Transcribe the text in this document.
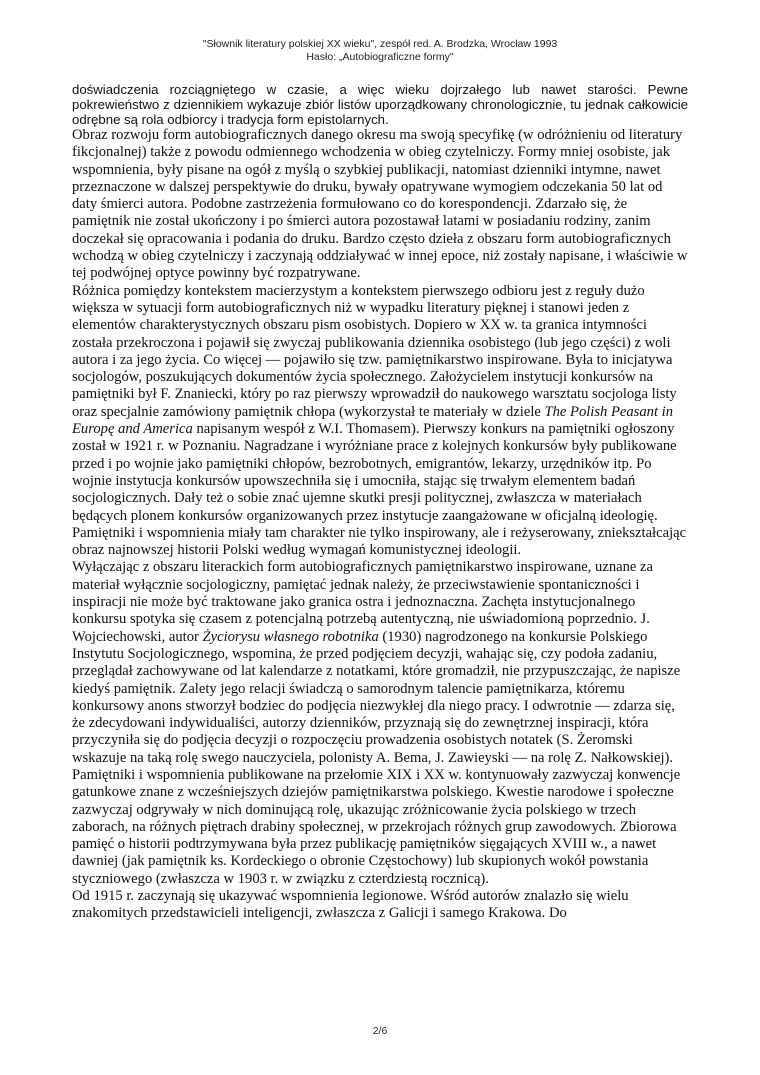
"Słownik literatury polskiej XX wieku", zespół red. A. Brodzka, Wrocław 1993
Hasło: „Autobiograficzne formy"

doświadczenia rozciągniętego w czasie, a więc wieku dojrzałego lub nawet starości. Pewne pokrewieństwo z dziennikiem wykazuje zbiór listów uporządkowany chronologicznie, tu jednak całkowicie odrębne są rola odbiorcy i tradycja form epistolarnych.

Obraz rozwoju form autobiograficznych danego okresu ma swoją specyfikę (w odróżnieniu od literatury fikcjonalnej) także z powodu odmiennego wchodzenia w obieg czytelniczy. Formy mniej osobiste, jak wspomnienia, były pisane na ogół z myślą o szybkiej publikacji, natomiast dzienniki intymne, nawet przeznaczone w dalszej perspektywie do druku, bywały opatrywane wymogiem odczekania 50 lat od daty śmierci autora. Podobne zastrzeżenia formułowano co do korespondencji. Zdarzało się, że pamiętnik nie został ukończony i po śmierci autora pozostawał latami w posiadaniu rodziny, zanim doczekał się opracowania i podania do druku. Bardzo często dzieła z obszaru form autobiograficznych wchodzą w obieg czytelniczy i zaczynają oddziaływać w innej epoce, niż zostały napisane, i właściwie w tej podwójnej optyce powinny być rozpatrywane.

Różnica pomiędzy kontekstem macierzystym a kontekstem pierwszego odbioru jest z reguły dużo większa w sytuacji form autobiograficznych niż w wypadku literatury pięknej i stanowi jeden z elementów charakterystycznych obszaru pism osobistych. Dopiero w XX w. ta granica intymności została przekroczona i pojawił się zwyczaj publikowania dziennika osobistego (lub jego części) z woli autora i za jego życia. Co więcej — pojawiło się tzw. pamiętnikarstwo inspirowane. Była to inicjatywa socjologów, poszukujących dokumentów życia społecznego. Założycielem instytucji konkursów na pamiętniki był F. Znaniecki, który po raz pierwszy wprowadził do naukowego warsztatu socjologa listy oraz specjalnie zamówiony pamiętnik chłopa (wykorzystał te materiały w dziele The Polish Peasant in Europę and America napisanym wespół z W.I. Thomasem). Pierwszy konkurs na pamiętniki ogłoszony został w 1921 r. w Poznaniu. Nagradzane i wyróżniane prace z kolejnych konkursów były publikowane przed i po wojnie jako pamiętniki chłopów, bezrobotnych, emigrantów, lekarzy, urzędników itp. Po wojnie instytucja konkursów upowszechniła się i umocniła, stając się trwałym elementem badań socjologicznych. Dały też o sobie znać ujemne skutki presji politycznej, zwłaszcza w materiałach będących plonem konkursów organizowanych przez instytucje zaangażowane w oficjalną ideologię. Pamiętniki i wspomnienia miały tam charakter nie tylko inspirowany, ale i reżyserowany, zniekształcając obraz najnowszej historii Polski według wymagań komunistycznej ideologii.

Wyłączając z obszaru literackich form autobiograficznych pamiętnikarstwo inspirowane, uznane za materiał wyłącznie socjologiczny, pamiętać jednak należy, że przeciwstawienie spontaniczności i inspiracji nie może być traktowane jako granica ostra i jednoznaczna. Zachęta instytucjonalnego konkursu spotyka się czasem z potencjalną potrzebą autentyczną, nie uświadomioną poprzednio. J. Wojciechowski, autor Życiorysu własnego robotnika (1930) nagrodzonego na konkursie Polskiego Instytutu Socjologicznego, wspomina, że przed podjęciem decyzji, wahając się, czy podoła zadaniu, przeglądał zachowywane od lat kalendarze z notatkami, które gromadził, nie przypuszczając, że napisze kiedyś pamiętnik. Zalety jego relacji świadczą o samorodnym talencie pamiętnikarza, któremu konkursowy anons stworzył bodziec do podjęcia niezwykłej dla niego pracy. I odwrotnie — zdarza się, że zdecydowani indywidualiści, autorzy dzienników, przyznają się do zewnętrznej inspiracji, która przyczyniła się do podjęcia decyzji o rozpoczęciu prowadzenia osobistych notatek (S. Żeromski wskazuje na taką rolę swego nauczyciela, polonisty A. Bema, J. Zawieyski — na rolę Z. Nałkowskiej).

Pamiętniki i wspomnienia publikowane na przełomie XIX i XX w. kontynuowały zazwyczaj konwencje gatunkowe znane z wcześniejszych dziejów pamiętnikarstwa polskiego. Kwestie narodowe i społeczne zazwyczaj odgrywały w nich dominującą rolę, ukazując zróżnicowanie życia polskiego w trzech zaborach, na różnych piętrach drabiny społecznej, w przekrojach różnych grup zawodowych. Zbiorowa pamięć o historii podtrzymywana była przez publikację pamiętników sięgających XVIII w., a nawet dawniej (jak pamiętnik ks. Kordeckiego o obronie Częstochowy) lub skupionych wokół powstania styczniowego (zwłaszcza w 1903 r. w związku z czterdziestą rocznicą).

Od 1915 r. zaczynają się ukazywać wspomnienia legionowe. Wśród autorów znalazło się wielu znakomitych przedstawicieli inteligencji, zwłaszcza z Galicji i samego Krakowa. Do

2/6
